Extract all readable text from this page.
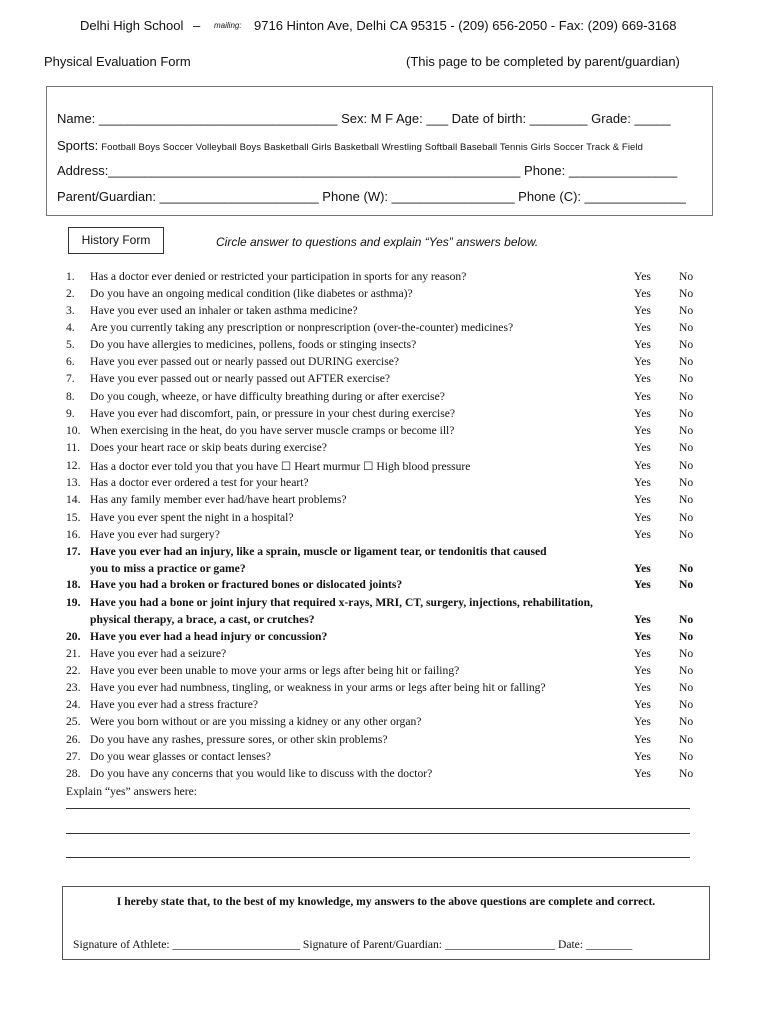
Delhi High School – mailing: 9716 Hinton Ave, Delhi CA 95315 - (209) 656-2050 - Fax: (209) 669-3168
Physical Evaluation Form	(This page to be completed by parent/guardian)
Name: _________________________________ Sex: M F Age: ___ Date of birth: ________ Grade: _____
Sports: Football Boys Soccer Volleyball Boys Basketball Girls Basketball Wrestling Softball Baseball Tennis Girls Soccer Track & Field
Address:_________________________________________________________ Phone: _______________
Parent/Guardian: ______________________ Phone (W): _________________ Phone (C): ______________
History Form	Circle answer to questions and explain “Yes” answers below.
1. Has a doctor ever denied or restricted your participation in sports for any reason?	Yes No
2. Do you have an ongoing medical condition (like diabetes or asthma)?	Yes No
3. Have you ever used an inhaler or taken asthma medicine?	Yes No
4. Are you currently taking any prescription or nonprescription (over-the-counter) medicines?	Yes No
5. Do you have allergies to medicines, pollens, foods or stinging insects?	Yes No
6. Have you ever passed out or nearly passed out DURING exercise?	Yes No
7. Have you ever passed out or nearly passed out AFTER exercise?	Yes No
8. Do you cough, wheeze, or have difficulty breathing during or after exercise?	Yes No
9. Have you ever had discomfort, pain, or pressure in your chest during exercise?	Yes No
10. When exercising in the heat, do you have server muscle cramps or become ill?	Yes No
11. Does your heart race or skip beats during exercise?	Yes No
12. Has a doctor ever told you that you have ☐ Heart murmur ☐ High blood pressure	Yes No
13. Has a doctor ever ordered a test for your heart?	Yes No
14. Has any family member ever had/have heart problems?	Yes No
15. Have you ever spent the night in a hospital?	Yes No
16. Have you ever had surgery?	Yes No
17. Have you ever had an injury, like a sprain, muscle or ligament tear, or tendonitis that caused
you to miss a practice or game?	Yes No
18. Have you had a broken or fractured bones or dislocated joints?	Yes No
19. Have you had a bone or joint injury that required x-rays, MRI, CT, surgery, injections, rehabilitation,
physical therapy, a brace, a cast, or crutches?	Yes No
20. Have you ever had a head injury or concussion?	Yes No
21. Have you ever had a seizure?	Yes No
22. Have you ever been unable to move your arms or legs after being hit or failing?	Yes No
23. Have you ever had numbness, tingling, or weakness in your arms or legs after being hit or falling?	Yes No
24. Have you ever had a stress fracture?	Yes No
25. Were you born without or are you missing a kidney or any other organ?	Yes No
26. Do you have any rashes, pressure sores, or other skin problems?	Yes No
27. Do you wear glasses or contact lenses?	Yes No
28. Do you have any concerns that you would like to discuss with the doctor?	Yes No
Explain “yes” answers here:
I hereby state that, to the best of my knowledge, my answers to the above questions are complete and correct.
Signature of Athlete: ______________________ Signature of Parent/Guardian: ___________________ Date: ________
